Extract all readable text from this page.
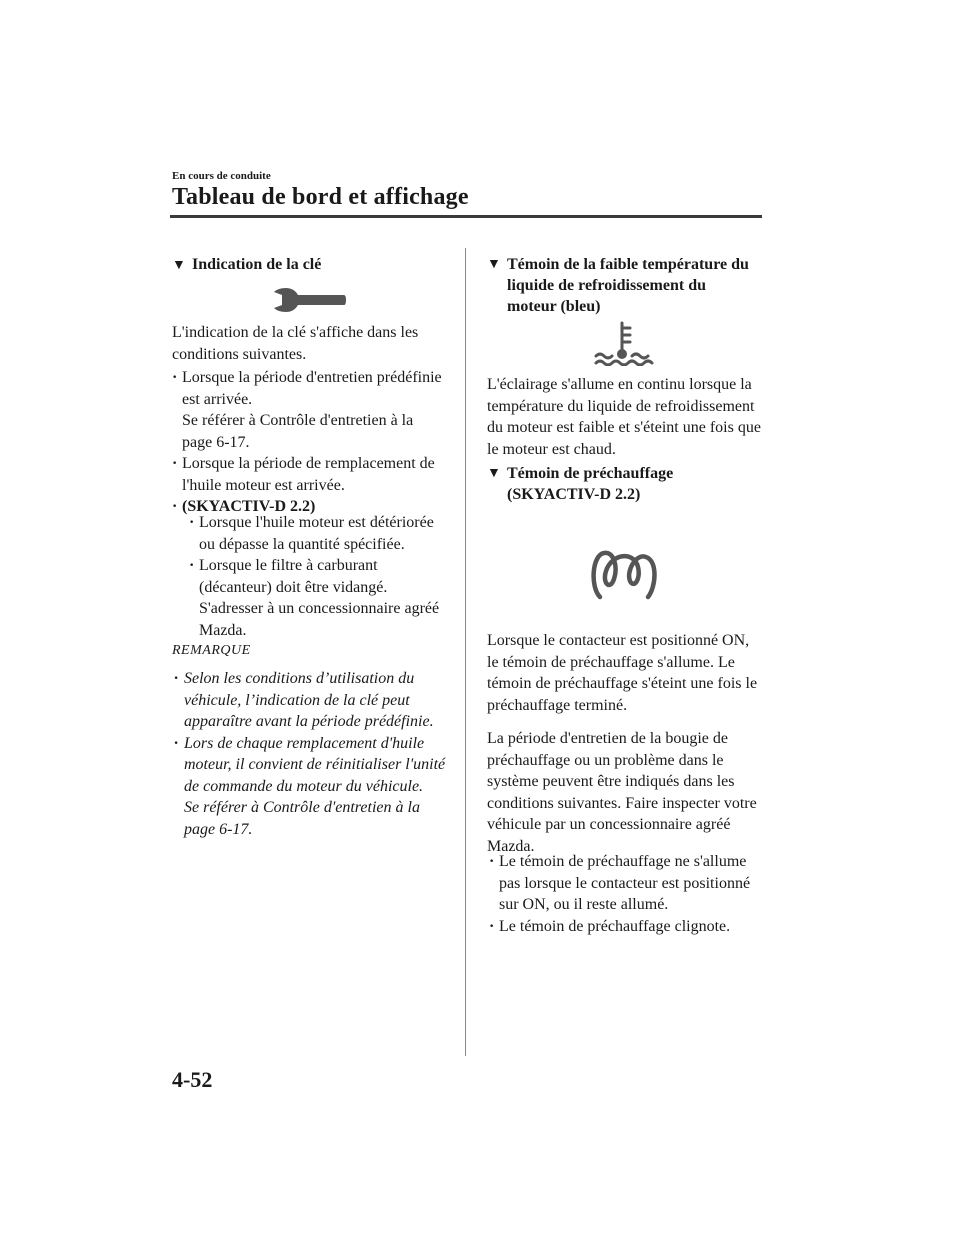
En cours de conduite
Tableau de bord et affichage
▼ Indication de la clé
L'indication de la clé s'affiche dans les
conditions suivantes.
· Lorsque la période d'entretien prédéfinie
est arrivée.
Se référer à Contrôle d'entretien à la
page 6-17.
· Lorsque la période de remplacement de
l'huile moteur est arrivée.
· (SKYACTIV-D 2.2)
· Lorsque l'huile moteur est détériorée
ou dépasse la quantité spécifiée.
· Lorsque le filtre à carburant
(décanteur) doit être vidangé.
S'adresser à un concessionnaire agréé
Mazda.
REMARQUE
· Selon les conditions d’utilisation du
véhicule, l’indication de la clé peut
apparaître avant la période prédéfinie.
· Lors de chaque remplacement d'huile
moteur, il convient de réinitialiser l'unité
de commande du moteur du véhicule.
Se référer à Contrôle d'entretien à la
page 6-17.
▼ Témoin de la faible température du
liquide de refroidissement du
moteur (bleu)
L'éclairage s'allume en continu lorsque la
température du liquide de refroidissement
du moteur est faible et s'éteint une fois que
le moteur est chaud.
▼ Témoin de préchauffage
(SKYACTIV-D 2.2)
Lorsque le contacteur est positionné ON,
le témoin de préchauffage s'allume. Le
témoin de préchauffage s'éteint une fois le
préchauffage terminé.
La période d'entretien de la bougie de
préchauffage ou un problème dans le
système peuvent être indiqués dans les
conditions suivantes. Faire inspecter votre
véhicule par un concessionnaire agréé
Mazda.
· Le témoin de préchauffage ne s'allume
pas lorsque le contacteur est positionné
sur ON, ou il reste allumé.
· Le témoin de préchauffage clignote.
4-52
